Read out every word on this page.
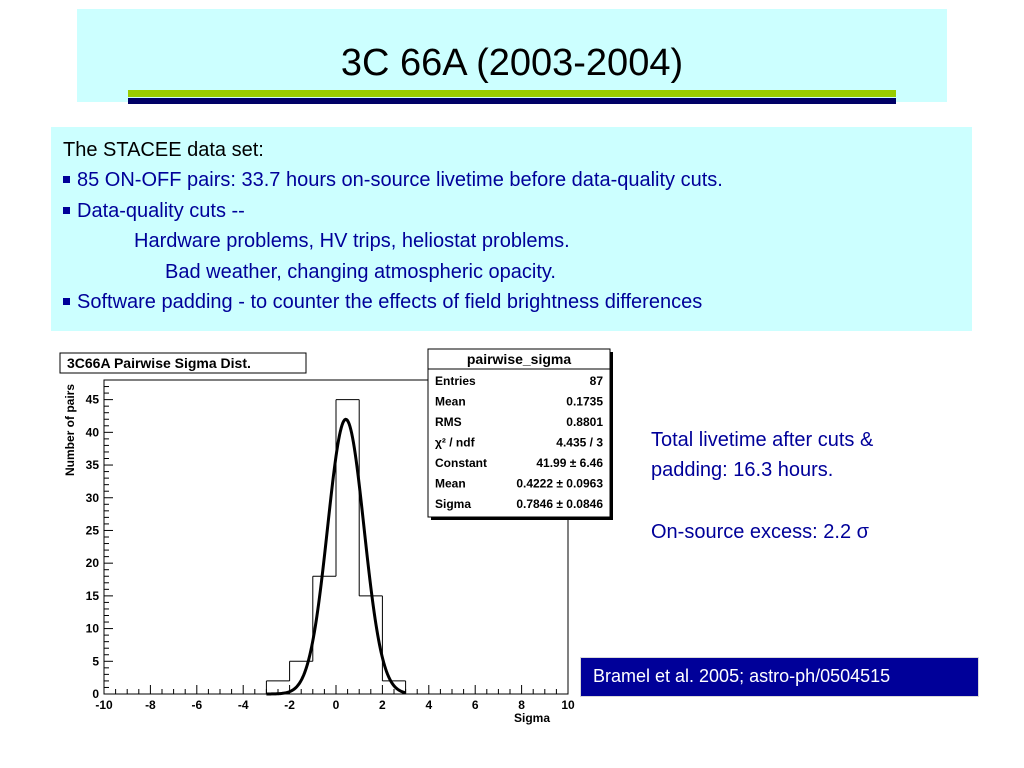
3C 66A (2003-2004)
The STACEE data set:
85 ON-OFF pairs: 33.7 hours on-source livetime before data-quality cuts.
Data-quality cuts --
Hardware problems, HV trips, heliostat problems.
Bad weather, changing atmospheric opacity.
Software padding - to counter the effects of field brightness differences
3C66A Pairwise Sigma Dist.
Sigma
Number of pairs
-10	-8	-6	-4	-2	0	2	4	6	8	10
0
5
10
15
20
25
30
35
40
45
pairwise_sigma
Entries	87
Mean	0.1735
RMS	0.8801
χ² / ndf	4.435 / 3
Constant	41.99 ± 6.46
Mean	0.4222 ± 0.0963
Sigma	0.7846 ± 0.0846
Total livetime after cuts &
padding: 16.3 hours.
On-source excess: 2.2 σ
Bramel et al. 2005; astro-ph/0504515
